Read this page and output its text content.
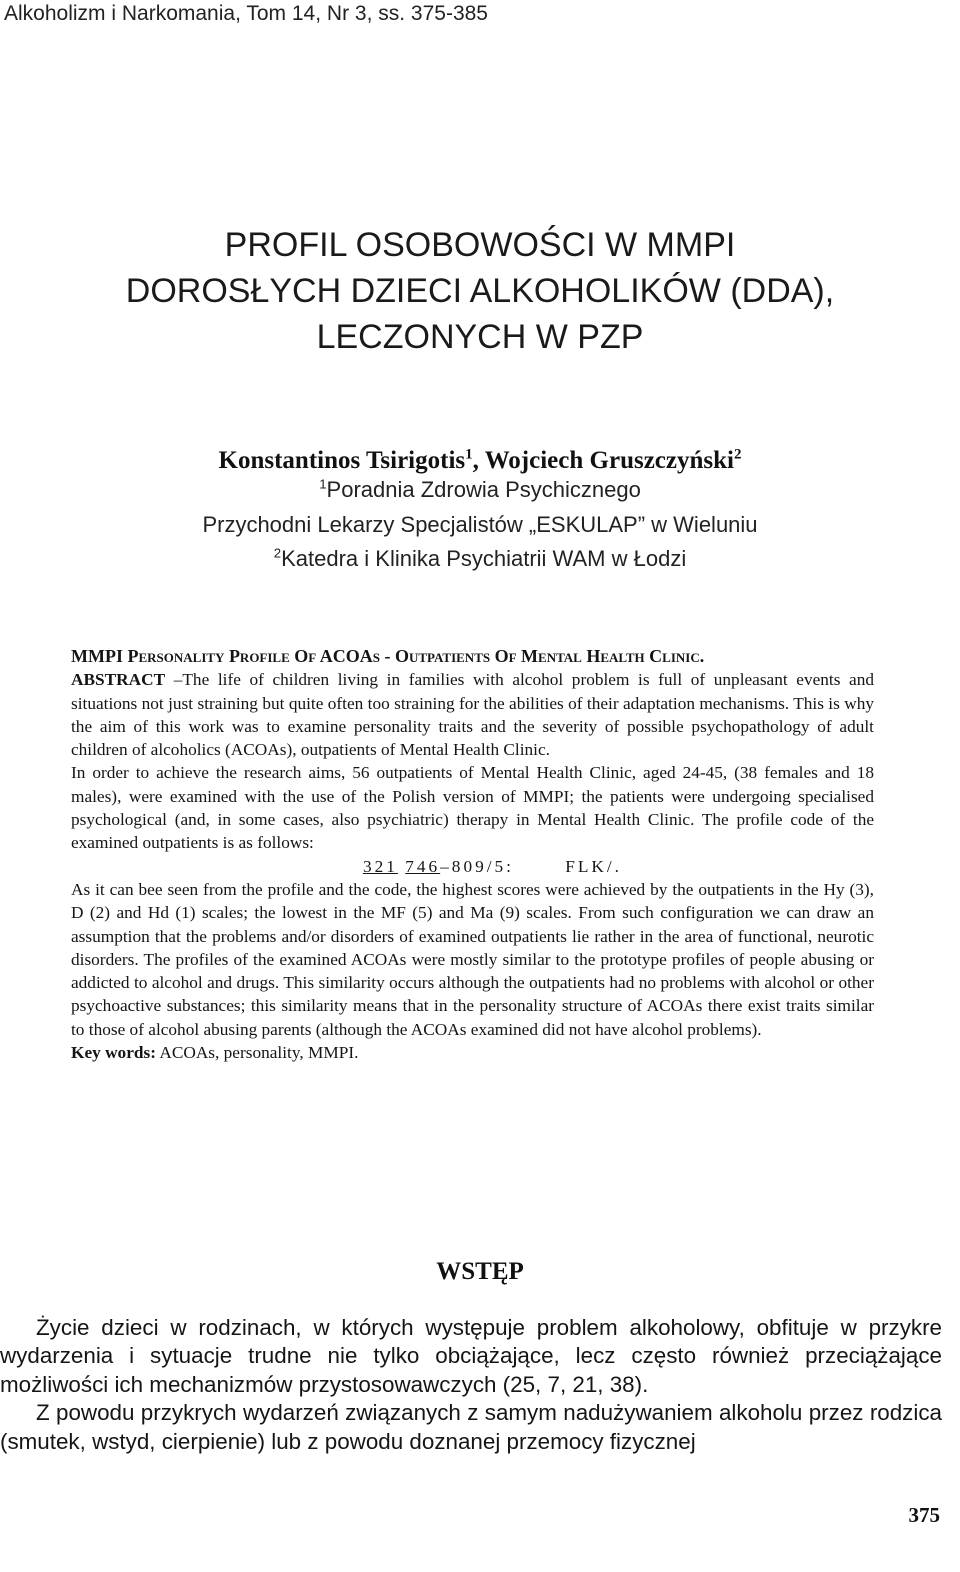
Alkoholizm i Narkomania, Tom 14, Nr 3, ss. 375-385
PROFIL OSOBOWOŚCI W MMPI
DOROSŁYCH DZIECI ALKOHOLIKÓW (DDA),
LECZONYCH W PZP
Konstantinos Tsirigotis$^1$, Wojciech Gruszczyński$^2$
$^1$Poradnia Zdrowia Psychicznego
Przychodni Lekarzy Specjalistów „ESKULAP” w Wieluniu
$^2$Katedra i Klinika Psychiatrii WAM w Łodzi

MMPI Personality Profile Of ACOAs - Outpatients Of Mental Health Clinic.

ABSTRACT –The life of children living in families with alcohol problem is full of unpleasant events and situations not just straining but quite often too straining for the abilities of their adaptation mechanisms. This is why the aim of this work was to examine personality traits and the severity of possible psychopathology of adult children of alcoholics (ACOAs), outpatients of Mental Health Clinic.

In order to achieve the research aims, 56 outpatients of Mental Health Clinic, aged 24-45, (38 females and 18 males), were examined with the use of the Polish version of MMPI; the patients were undergoing specialised psychological (and, in some cases, also psychiatric) therapy in Mental Health Clinic. The profile code of the examined outpatients is as follows:

321 746–809/5:	FLK/.

As it can bee seen from the profile and the code, the highest scores were achieved by the outpatients in the Hy (3), D (2) and Hd (1) scales; the lowest in the MF (5) and Ma (9) scales. From such configuration we can draw an assumption that the problems and/or disorders of examined outpatients lie rather in the area of functional, neurotic disorders. The profiles of the examined ACOAs were mostly similar to the prototype profiles of people abusing or addicted to alcohol and drugs. This similarity occurs although the outpatients had no problems with alcohol or other psychoactive substances; this similarity means that in the personality structure of ACOAs there exist traits similar to those of alcohol abusing parents (although the ACOAs examined did not have alcohol problems).

Key words: ACOAs, personality, MMPI.

WSTĘP

Życie dzieci w rodzinach, w których występuje problem alkoholowy, obfituje w przykre wydarzenia i sytuacje trudne nie tylko obciążające, lecz często również przeciążające możliwości ich mechanizmów przystosowawczych (25, 7, 21, 38).

Z powodu przykrych wydarzeń związanych z samym nadużywaniem alkoholu przez rodzica (smutek, wstyd, cierpienie) lub z powodu doznanej przemocy fizycznej

375
